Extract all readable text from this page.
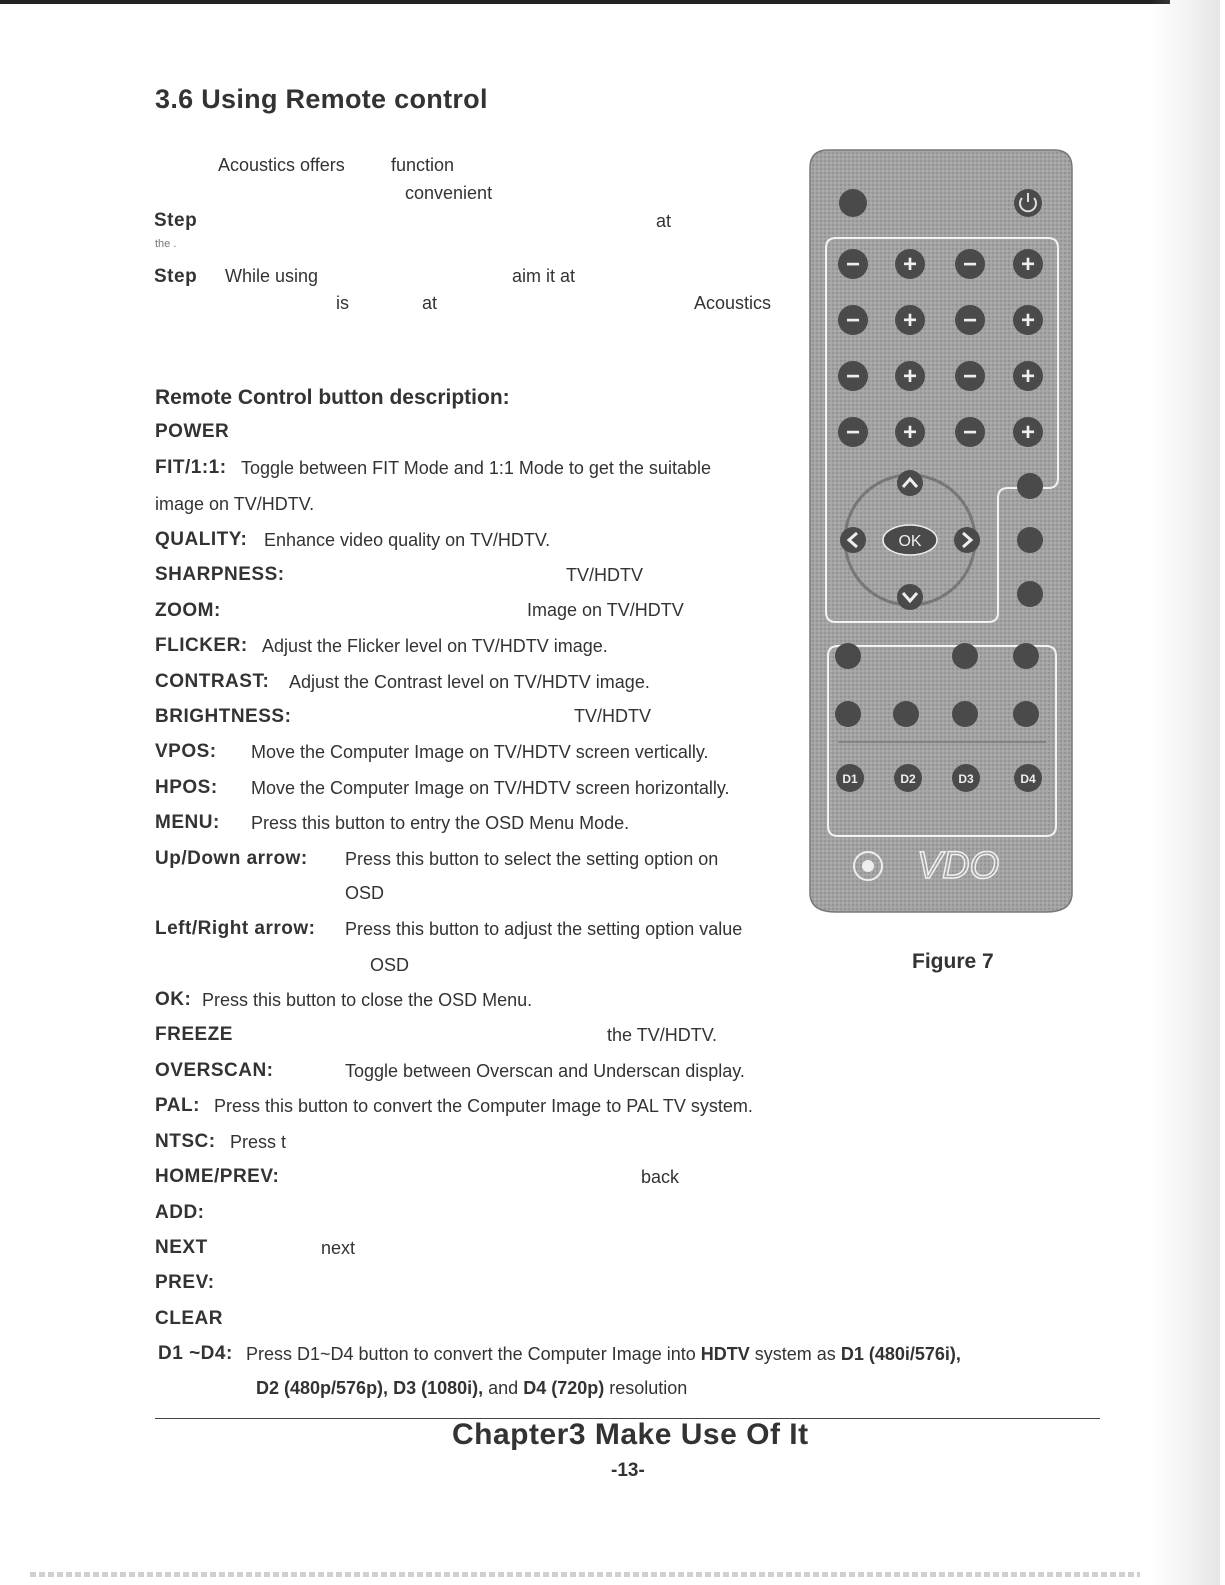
3.6 Using Remote control
Acoustics offers	function
convenient
Step	at
the .
Step While using	aim it at
is	at	Acoustics
Remote Control button description:
POWER
FIT/1:1: Toggle between FIT Mode and 1:1 Mode to get the suitable
image on TV/HDTV.
QUALITY: Enhance video quality on TV/HDTV.
SHARPNESS:	TV/HDTV
ZOOM:	Image on TV/HDTV
FLICKER: Adjust the Flicker level on TV/HDTV image.
CONTRAST: Adjust the Contrast level on TV/HDTV image.
BRIGHTNESS:	TV/HDTV
VPOS: Move the Computer Image on TV/HDTV screen vertically.
HPOS: Move the Computer Image on TV/HDTV screen horizontally.
MENU: Press this button to entry the OSD Menu Mode.
Up/Down arrow: Press this button to select the setting option on
OSD
Left/Right arrow: Press this button to adjust the setting option value
OSD
OK: Press this button to close the OSD Menu.
FREEZE	the TV/HDTV.
OVERSCAN:	Toggle between Overscan and Underscan display.
PAL: Press this button to convert the Computer Image to PAL TV system.
NTSC: Press t
HOME/PREV:	back
ADD:
NEXT	next
PREV:
CLEAR
D1 ~D4: Press D1~D4 button to convert the Computer Image into HDTV system as D1 (480i/576i),
D2 (480p/576p), D3 (1080i), and D4 (720p) resolution
− + − +
− + − +
− + − +
− + − +
OK
D1	D2	D3	D4
VDO
Figure 7
Chapter3 Make Use Of It
-13-
